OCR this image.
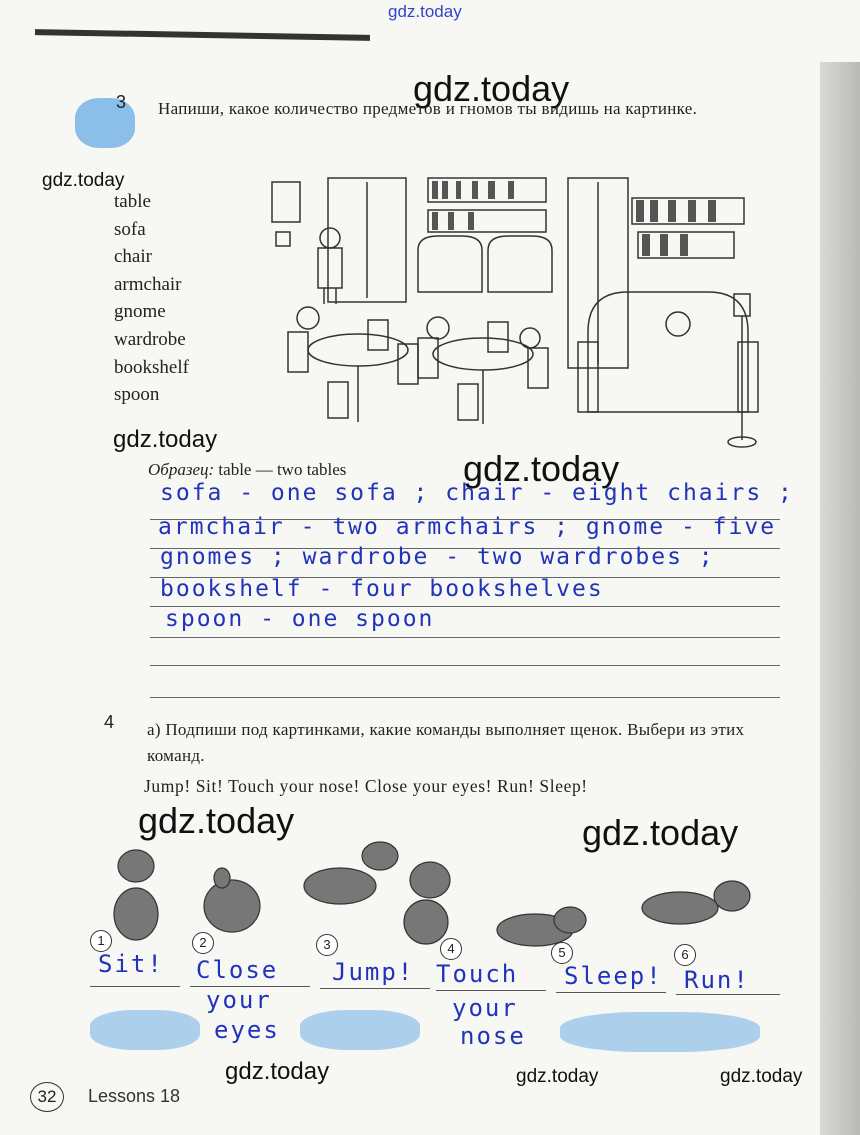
gdz.today
gdz.today
gdz.today
gdz.today
gdz.today
gdz.today	gdz.today
gdz.today	gdz.today	gdz.today
3 Напиши, какое количество предметов и гномов ты видишь на картинке.
table
sofa
chair
armchair
gnome
wardrobe
bookshelf
spoon
Образец: table — two tables
sofa - one sofa ; chair - eight chairs ;
armchair - two armchairs ; gnome - five
gnomes ; wardrobe - two wardrobes ;
bookshelf - four bookshelves
spoon - one spoon
4 а) Подпиши под картинками, какие команды выполняет щенок. Выбери из этих команд.
Jump! Sit! Touch your nose! Close your eyes! Run! Sleep!
1	2	3	4	5	6
Sit! Close
your
eyes
Jump! Touch
your
nose
Sleep! Run!
32	Lessons 18
